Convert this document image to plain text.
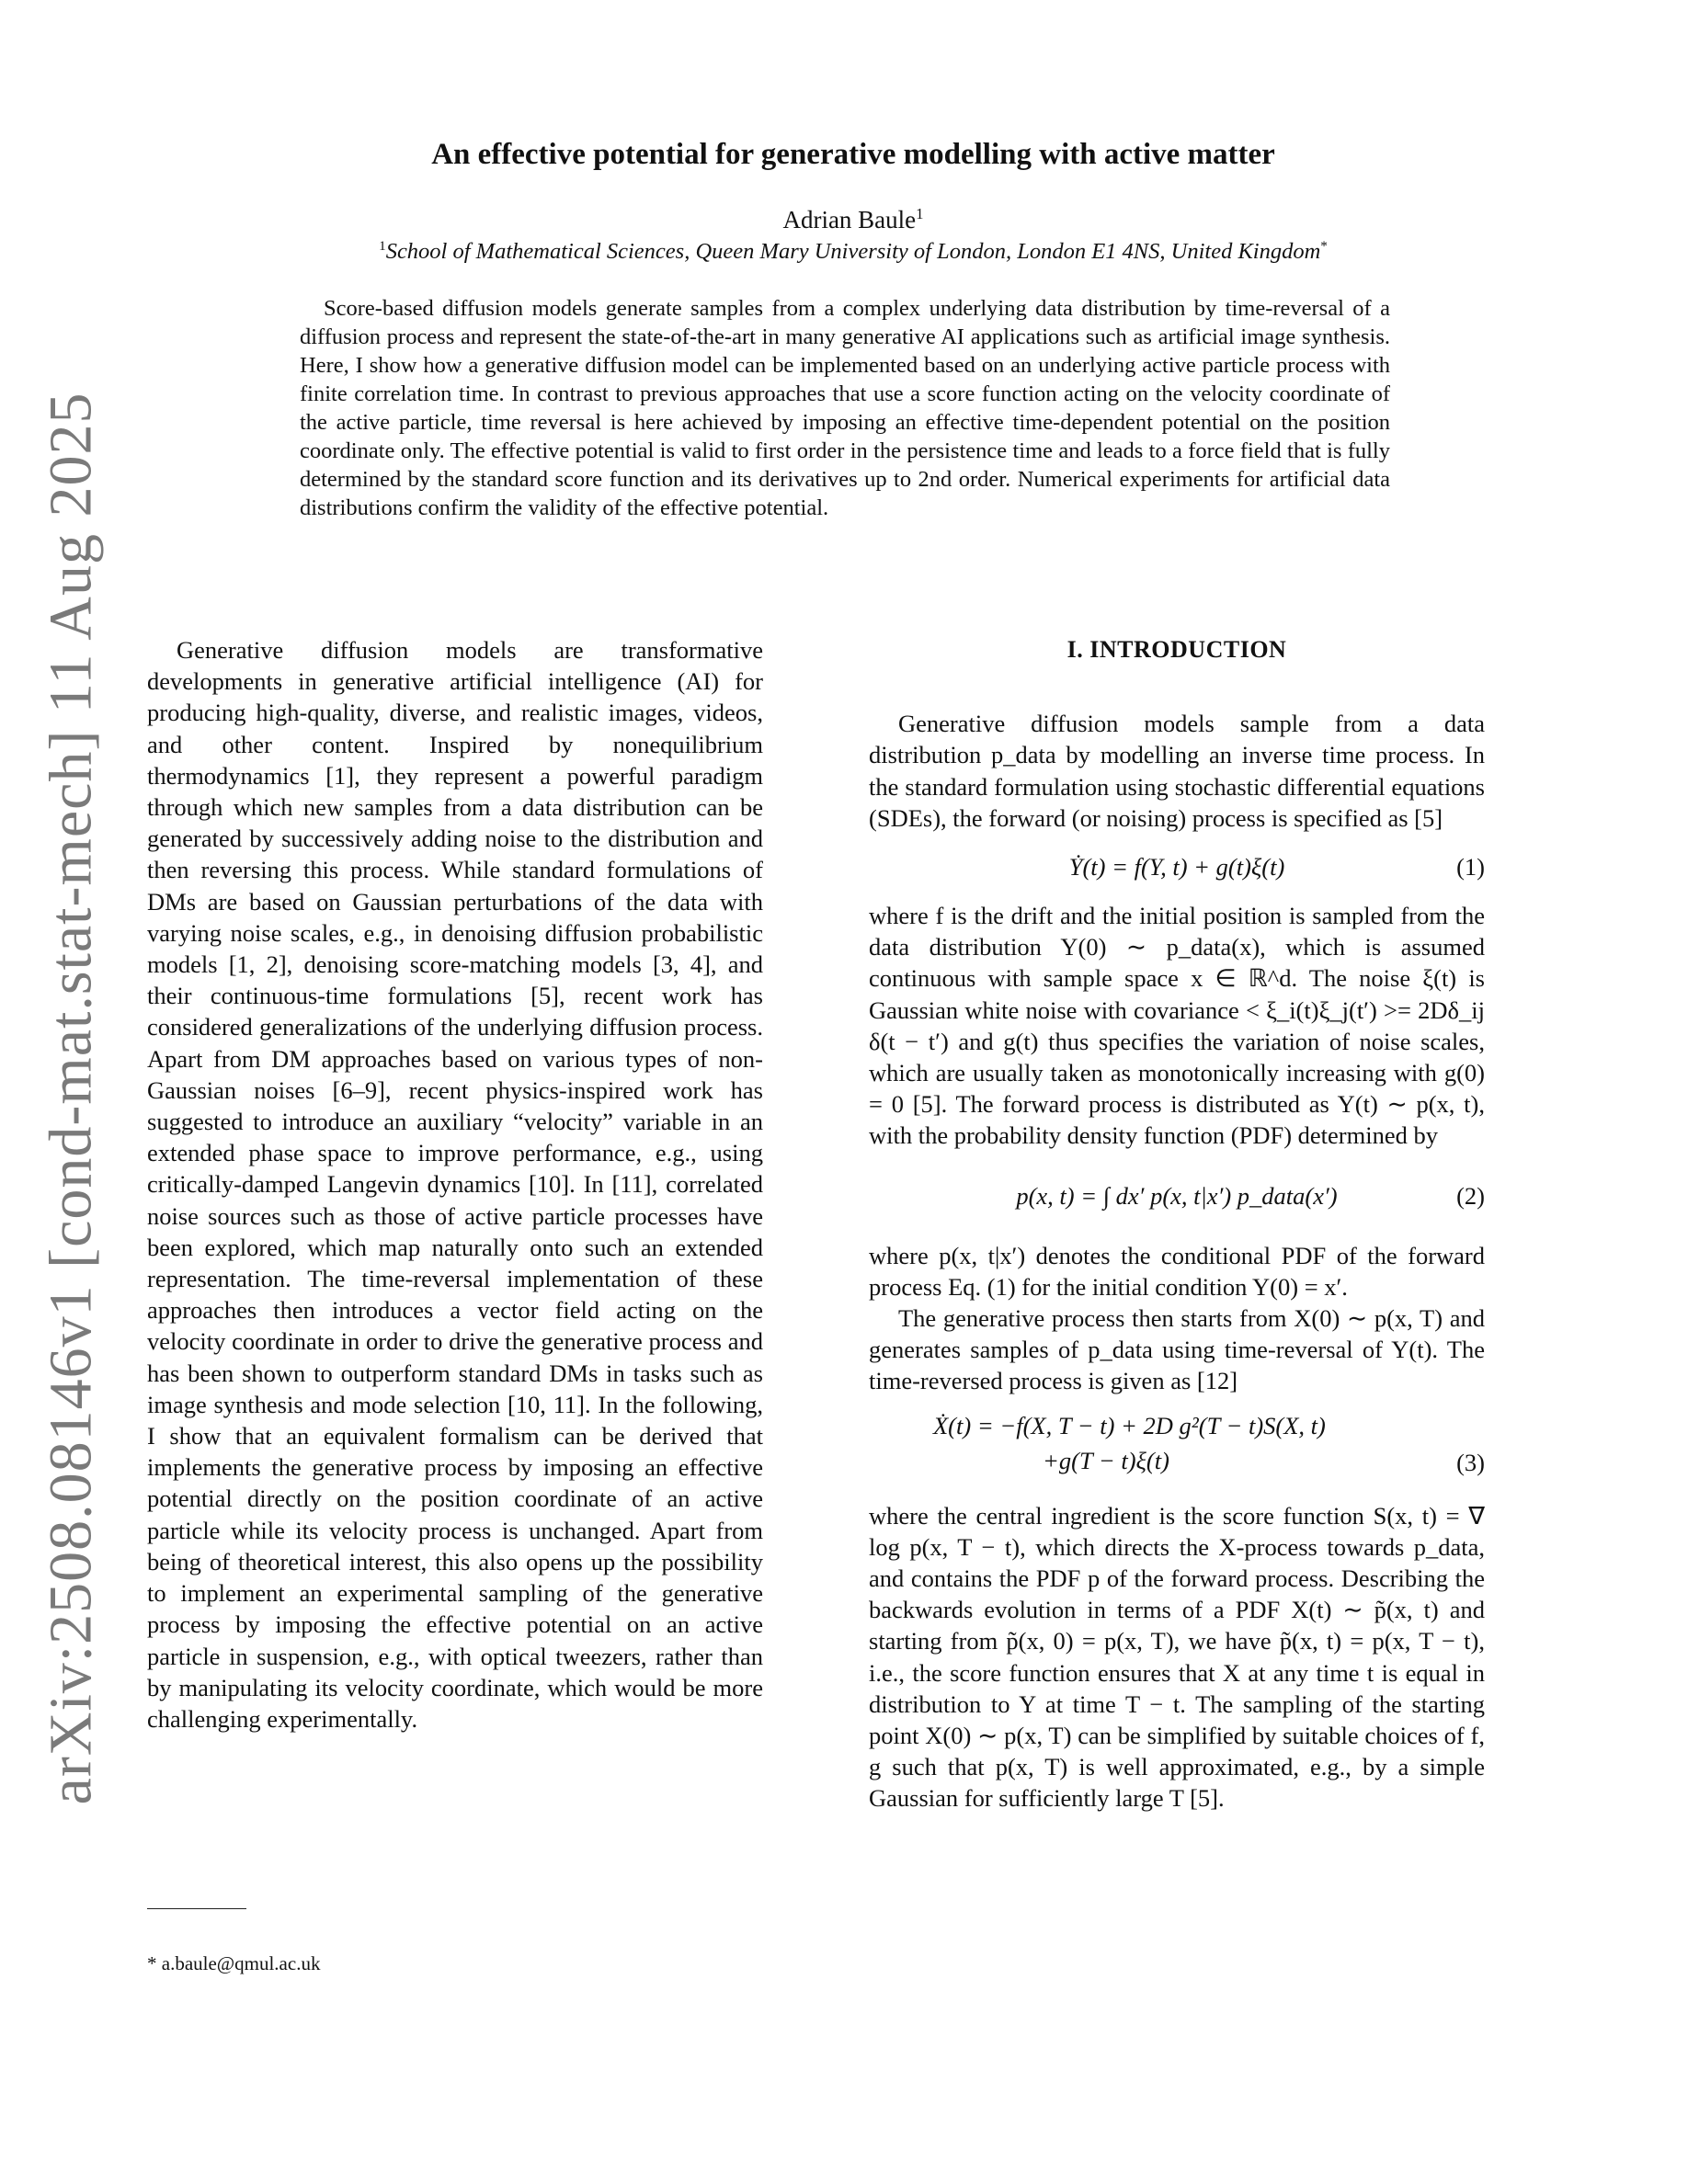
arXiv:2508.08146v1 [cond-mat.stat-mech] 11 Aug 2025
An effective potential for generative modelling with active matter
Adrian Baule$^1$
$^1$School of Mathematical Sciences, Queen Mary University of London, London E1 4NS, United Kingdom*
Score-based diffusion models generate samples from a complex underlying data distribution by time-reversal of a diffusion process and represent the state-of-the-art in many generative AI applications such as artificial image synthesis. Here, I show how a generative diffusion model can be implemented based on an underlying active particle process with finite correlation time. In contrast to previous approaches that use a score function acting on the velocity coordinate of the active particle, time reversal is here achieved by imposing an effective time-dependent potential on the position coordinate only. The effective potential is valid to first order in the persistence time and leads to a force field that is fully determined by the standard score function and its derivatives up to 2nd order. Numerical experiments for artificial data distributions confirm the validity of the effective potential.

Generative diffusion models are transformative developments in generative artificial intelligence (AI) for producing high-quality, diverse, and realistic images, videos, and other content. Inspired by nonequilibrium thermodynamics [1], they represent a powerful paradigm through which new samples from a data distribution can be generated by successively adding noise to the distribution and then reversing this process. While standard formulations of DMs are based on Gaussian perturbations of the data with varying noise scales, e.g., in denoising diffusion probabilistic models [1, 2], denoising score-matching models [3, 4], and their continuous-time formulations [5], recent work has considered generalizations of the underlying diffusion process. Apart from DM approaches based on various types of non-Gaussian noises [6–9], recent physics-inspired work has suggested to introduce an auxiliary “velocity” variable in an extended phase space to improve performance, e.g., using critically-damped Langevin dynamics [10]. In [11], correlated noise sources such as those of active particle processes have been explored, which map naturally onto such an extended representation. The time-reversal implementation of these approaches then introduces a vector field acting on the velocity coordinate in order to drive the generative process and has been shown to outperform standard DMs in tasks such as image synthesis and mode selection [10, 11]. In the following, I show that an equivalent formalism can be derived that implements the generative process by imposing an effective potential directly on the position coordinate of an active particle while its velocity process is unchanged. Apart from being of theoretical interest, this also opens up the possibility to implement an experimental sampling of the generative process by imposing the effective potential on an active particle in suspension, e.g., with optical tweezers, rather than by manipulating its velocity coordinate, which would be more challenging experimentally.

I. INTRODUCTION

Generative diffusion models sample from a data distribution p_data by modelling an inverse time process. In the standard formulation using stochastic differential equations (SDEs), the forward (or noising) process is specified as [5]

Ẏ(t) = f(Y, t) + g(t)ξ(t)	(1)

where f is the drift and the initial position is sampled from the data distribution Y(0) ∼ p_data(x), which is assumed continuous with sample space x ∈ ℝ^d. The noise ξ(t) is Gaussian white noise with covariance < ξ_i(t)ξ_j(t′) >= 2Dδ_ij δ(t − t′) and g(t) thus specifies the variation of noise scales, which are usually taken as monotonically increasing with g(0) = 0 [5]. The forward process is distributed as Y(t) ∼ p(x, t), with the probability density function (PDF) determined by

p(x, t) = ∫ dx′ p(x, t|x′) p_data(x′)	(2)

where p(x, t|x′) denotes the conditional PDF of the forward process Eq. (1) for the initial condition Y(0) = x′.

The generative process then starts from X(0) ∼ p(x, T) and generates samples of p_data using time-reversal of Y(t). The time-reversed process is given as [12]

Ẋ(t) = −f(X, T − t) + 2D g²(T − t)S(X, t)
+g(T − t)ξ(t)	(3)

where the central ingredient is the score function S(x, t) = ∇ log p(x, T − t), which directs the X-process towards p_data, and contains the PDF p of the forward process. Describing the backwards evolution in terms of a PDF X(t) ∼ p̃(x, t) and starting from p̃(x, 0) = p(x, T), we have p̃(x, t) = p(x, T − t), i.e., the score function ensures that X at any time t is equal in distribution to Y at time T − t. The sampling of the starting point X(0) ∼ p(x, T) can be simplified by suitable choices of f, g such that p(x, T) is well approximated, e.g., by a simple Gaussian for sufficiently large T [5].

* a.baule@qmul.ac.uk
